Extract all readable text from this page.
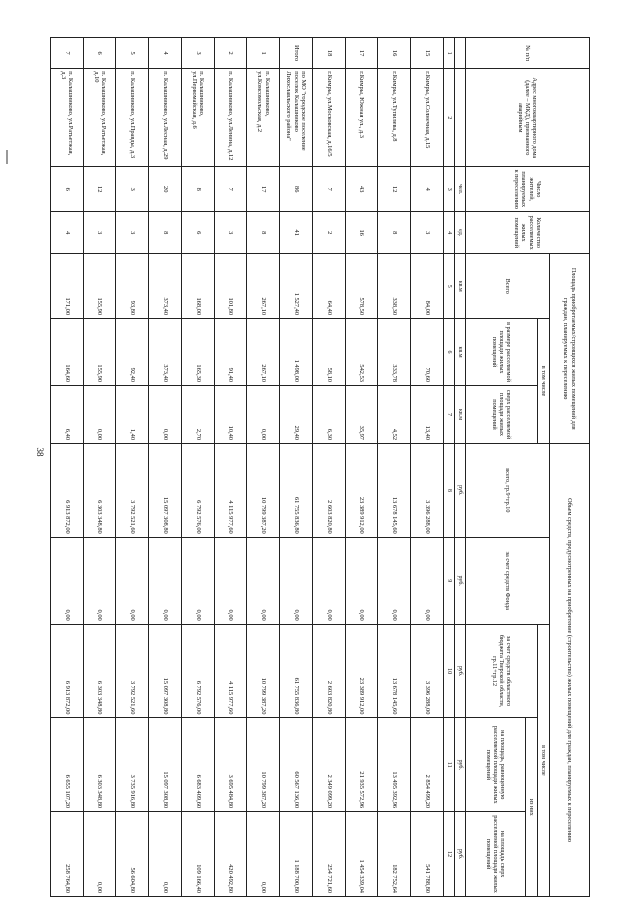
38
№ п/п	Адрес многоквартирного дома (далее – МКД), признанного аварийным	Число жителей, планируемых к переселению	Количество расселяемых жилых помещений	Площадь приобретаемых/строящихся жилых помещений для граждан, планируемых к переселению			Объем средств, предусмотренных на приобретение (строительство) жилых помещений для граждан, планируемых к переселению				
				Всего	в том числе		всего, гр.9+гр.10	за счет средств Фонда	в том числе		
					в размере расселяемой площади жилых помещений	сверх расселяемой площади жилых помещений			за счет средств областного бюджета Тверской области, гр.11+гр.12	из них	
										на площадь, равноценную расселяемой площади жилых помещений	на площадь сверх расселяемой площади жилых помещений
		чел.	ед.	кв.м	кв.м	кв.м	руб.	руб.	руб.	руб.	руб.
1	2	3	4	5	6	7	8	9	10	11	12
15	г.Кимры, ул.Солнечная, д.15	4	3	84,00	70,60	13,40	3 396 288,00	0,00	3 396 288,00	2 854 499,20	541 788,80
16	г.Кимры, ул.Тупилева, д.8	12	8	338,30	333,78	4,52	13 678 145,60	0,00	13 678 145,60	13 495 392,96	182 752,64
17	г.Кимры, Южная ул., д.3	43	16	578,50	542,53	35,97	23 389 912,00	0,00	23 389 912,00	21 935 572,96	1 454 339,04
18	г.Кимры, ул.Московская, д.16/5	7	2	64,40	58,10	6,30	2 603 820,80	0,00	2 603 820,80	2 349 099,20	254 721,60
Итого	по МО "городское поселение поселок Калашниково Лихославльского района"	86	41	1 527,40	1 498,00	29,40	61 755 836,80	0,00	61 755 836,80	60 567 136,00	1 188 700,80
1	п. Калашниково, ул.Комсомольская, д.2	17	8	267,10	267,10	0,00	10 799 387,20	0,00	10 799 387,20	10 799 387,20	0,00
2	п. Калашниково, ул.Ленина, д.12	7	3	101,80	91,40	10,40	4 115 977,60	0,00	4 115 977,60	3 695 484,80	420 492,80
3	п. Калашниково, ул.Первомайская, д.6	8	6	168,00	165,30	2,70	6 792 576,00	0,00	6 792 576,00	6 683 409,60	109 166,40
4	п. Калашниково, ул.Лесная, д.29	20	8	373,40	373,40	0,00	15 097 308,80	0,00	15 097 308,80	15 097 308,80	0,00
5	п. Калашниково, ул.Правды, д.3	3	3	93,80	92,40	1,40	3 792 521,60	0,00	3 792 521,60	3 735 916,80	56 604,80
6	п. Калашниково, ул.Ратьетжая, д.10	12	3	155,90	155,90	0,00	6 303 348,80	0,00	6 303 348,80	6 303 348,80	0,00
7	п. Калашниково, ул.Ратьетжая, д.3	6	4	171,00	164,60	6,40	6 913 872,00	0,00	6 913 872,00	6 655 107,20	258 764,80
